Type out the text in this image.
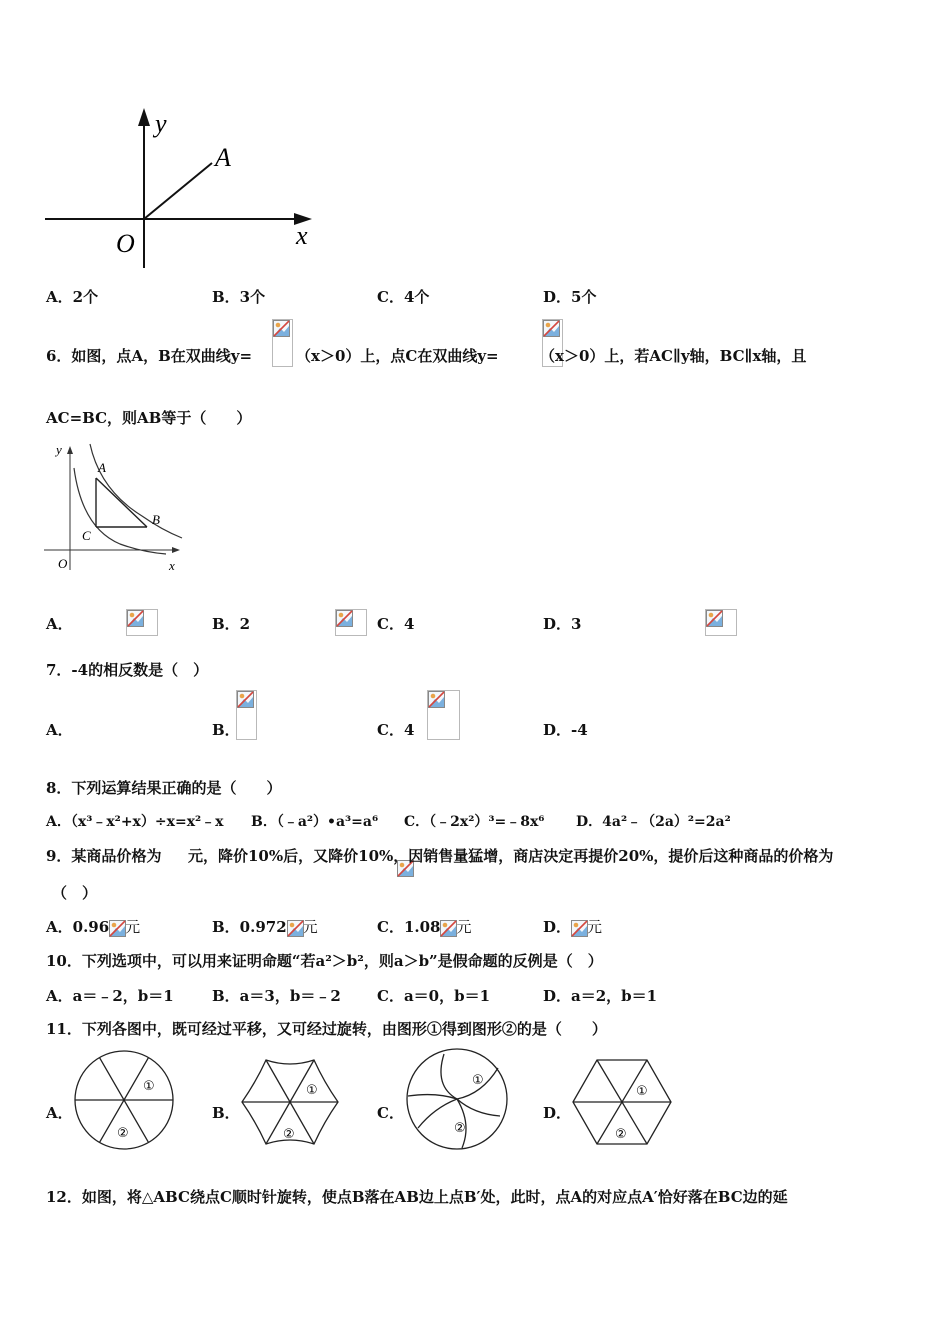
y
A
O	x
A．2个	B．3个	C．4个	D．5个
6．如图，点A，B在双曲线y=
	（x＞0）上，点C在双曲线y=
	（x＞0）上，若AC∥y轴，BC∥x轴，且
AC=BC，则AB等于（　　）
y
A
B
C
O	x
A．
	B．2
	C．4	D．3

7．-4的相反数是（　）
A．
	B．
	C．4	D．-4
8．下列运算结果正确的是（　　）
A．（x³﹣x²+x）÷x=x²﹣x B．（﹣a²）•a³=a⁶ C．（﹣2x²）³=﹣8x⁶ D．4a²﹣（2a）²=2a²
9．某商品价格为 元，降价10%后，又降价10%，因销售量猛增，商店决定再提价20%，提价后这种商品的价格为
（　）
A．0.96 元	B．0.972 元	C．1.08 元	D． 元
10．下列选项中，可以用来证明命题“若a²＞b²，则a＞b”是假命题的反例是（　）
A．a＝﹣2，b＝1	B．a＝3，b＝﹣2 C．a＝0，b＝1	D．a＝2，b＝1
11．下列各图中，既可经过平移，又可经过旋转，由图形①得到图形②的是（　　）
A．
①
②
B．
①
②
C．
①
②
D．
①
②
12．如图，将△ABC绕点C顺时针旋转，使点B落在AB边上点B′处，此时，点A的对应点A′恰好落在BC边的延
